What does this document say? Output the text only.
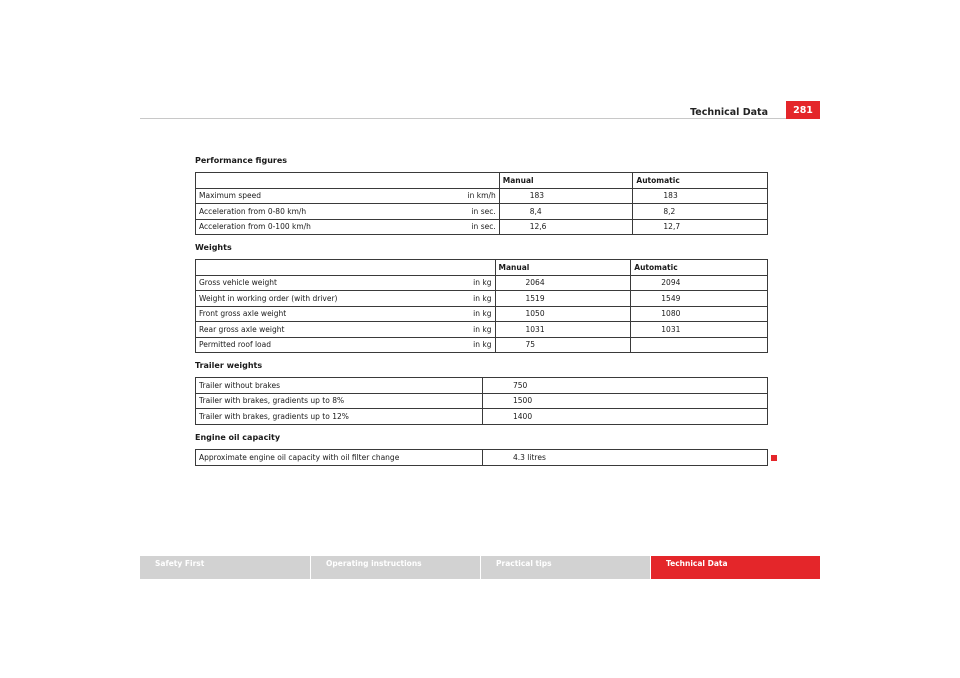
Technical Data	281
Performance figures
		Manual	Automatic
Maximum speed	in km/h	183	183
Acceleration from 0-80 km/h	in sec.	8,4	8,2
Acceleration from 0-100 km/h	in sec.	12,6	12,7
Weights
		Manual	Automatic
Gross vehicle weight	in kg	2064	2094
Weight in working order (with driver)	in kg	1519	1549
Front gross axle weight	in kg	1050	1080
Rear gross axle weight	in kg	1031	1031
Permitted roof load	in kg	75	
Trailer weights
Trailer without brakes	750
Trailer with brakes, gradients up to 8%	1500
Trailer with brakes, gradients up to 12%	1400
Engine oil capacity
Approximate engine oil capacity with oil filter change	4.3 litres
Safety First	Operating instructions	Practical tips	Technical Data
